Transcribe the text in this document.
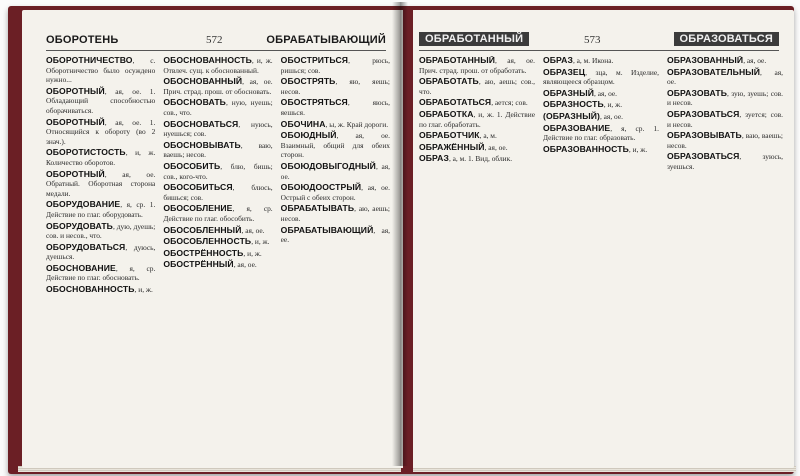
ОБОРОТЕНЬ	572	ОБРАБАТЫВАЮЩИЙ

ОБОРОТНИЧЕСТВО, с. Оборотничество было осуждено нужно...

ОБОРОТНЫЙ, ая, ое. 1. Обладающий способностью оборачиваться.

ОБОРОТНЫЙ, ая, ое. 1. Относящийся к обороту (во 2 знач.).

ОБОРОТИСТОСТЬ, и, ж. Количество оборотов.

ОБОРОТНЫЙ, ая, ое. Обратный. Оборотная сторона медали.

ОБОРУДОВАНИЕ, я, ср. 1. Действие по глаг. оборудовать.

ОБОРУДОВАТЬ, дую, дуешь; сов. и несов., что.

ОБОРУДОВАТЬСЯ, дуюсь, дуешься.

ОБОСНОВАНИЕ, я, ср. Действие по глаг. обосновать.

ОБОСНОВАННОСТЬ, и, ж.

ОБОСНОВАННОСТЬ, и, ж. Отвлеч. сущ. к обоснованный.

ОБОСНОВАННЫЙ, ая, ое. Прич. страд. прош. от обосновать.

ОБОСНОВАТЬ, ную, нуешь; сов., что.

ОБОСНОВАТЬСЯ, нуюсь, нуешься; сов.

ОБОСНОВЫВАТЬ, ваю, ваешь; несов.

ОБОСОБИТЬ, блю, бишь; сов., кого-что.

ОБОСОБИТЬСЯ, блюсь, бишься; сов.

ОБОСОБЛЕНИЕ, я, ср. Действие по глаг. обособить.

ОБОСОБЛЕННЫЙ, ая, ое.

ОБОСОБЛЕННОСТЬ, и, ж.

ОБОСТРЁННОСТЬ, и, ж.

ОБОСТРЁННЫЙ, ая, ое.

ОБОСТРИТЬСЯ, рюсь, ришься; сов.

ОБОСТРЯТЬ, яю, яешь; несов.

ОБОСТРЯТЬСЯ, яюсь, яешься.

ОБОЧИНА, ы, ж. Край дороги.

ОБОЮДНЫЙ, ая, ое. Взаимный, общий для обеих сторон.

ОБОЮДОВЫГОДНЫЙ, ая, ое.

ОБОЮДООСТРЫЙ, ая, ое. Острый с обеих сторон.

ОБРАБАТЫВАТЬ, аю, аешь; несов.

ОБРАБАТЫВАЮЩИЙ, ая, ее.

ОБРАБОТАННЫЙ	573	ОБРАЗОВАТЬСЯ

ОБРАБОТАННЫЙ, ая, ое. Прич. страд. прош. от обработать.

ОБРАБОТАТЬ, аю, аешь; сов., что.

ОБРАБОТАТЬСЯ, ается; сов.

ОБРАБОТКА, и, ж. 1. Действие по глаг. обработать.

ОБРАБОТЧИК, а, м.

ОБРАЖЁННЫЙ, ая, ое.

ОБРАЗ, а, м. 1. Вид, облик.

ОБРАЗ, а, м. Икона.

ОБРАЗЕЦ, зца, м. Изделие, являющееся образцом.

ОБРАЗНЫЙ, ая, ое.

ОБРАЗНОСТЬ, и, ж.

(ОБРАЗНЫЙ), ая, ое.

ОБРАЗОВАНИЕ, я, ср. 1. Действие по глаг. образовать.

ОБРАЗОВАННОСТЬ, и, ж.

ОБРАЗОВАННЫЙ, ая, ое.

ОБРАЗОВАТЕЛЬНЫЙ, ая, ое.

ОБРАЗОВАТЬ, зую, зуешь; сов. и несов.

ОБРАЗОВАТЬСЯ, зуется; сов. и несов.

ОБРАЗОВЫВАТЬ, ваю, ваешь; несов.

ОБРАЗОВАТЬСЯ, зуюсь, зуешься.
